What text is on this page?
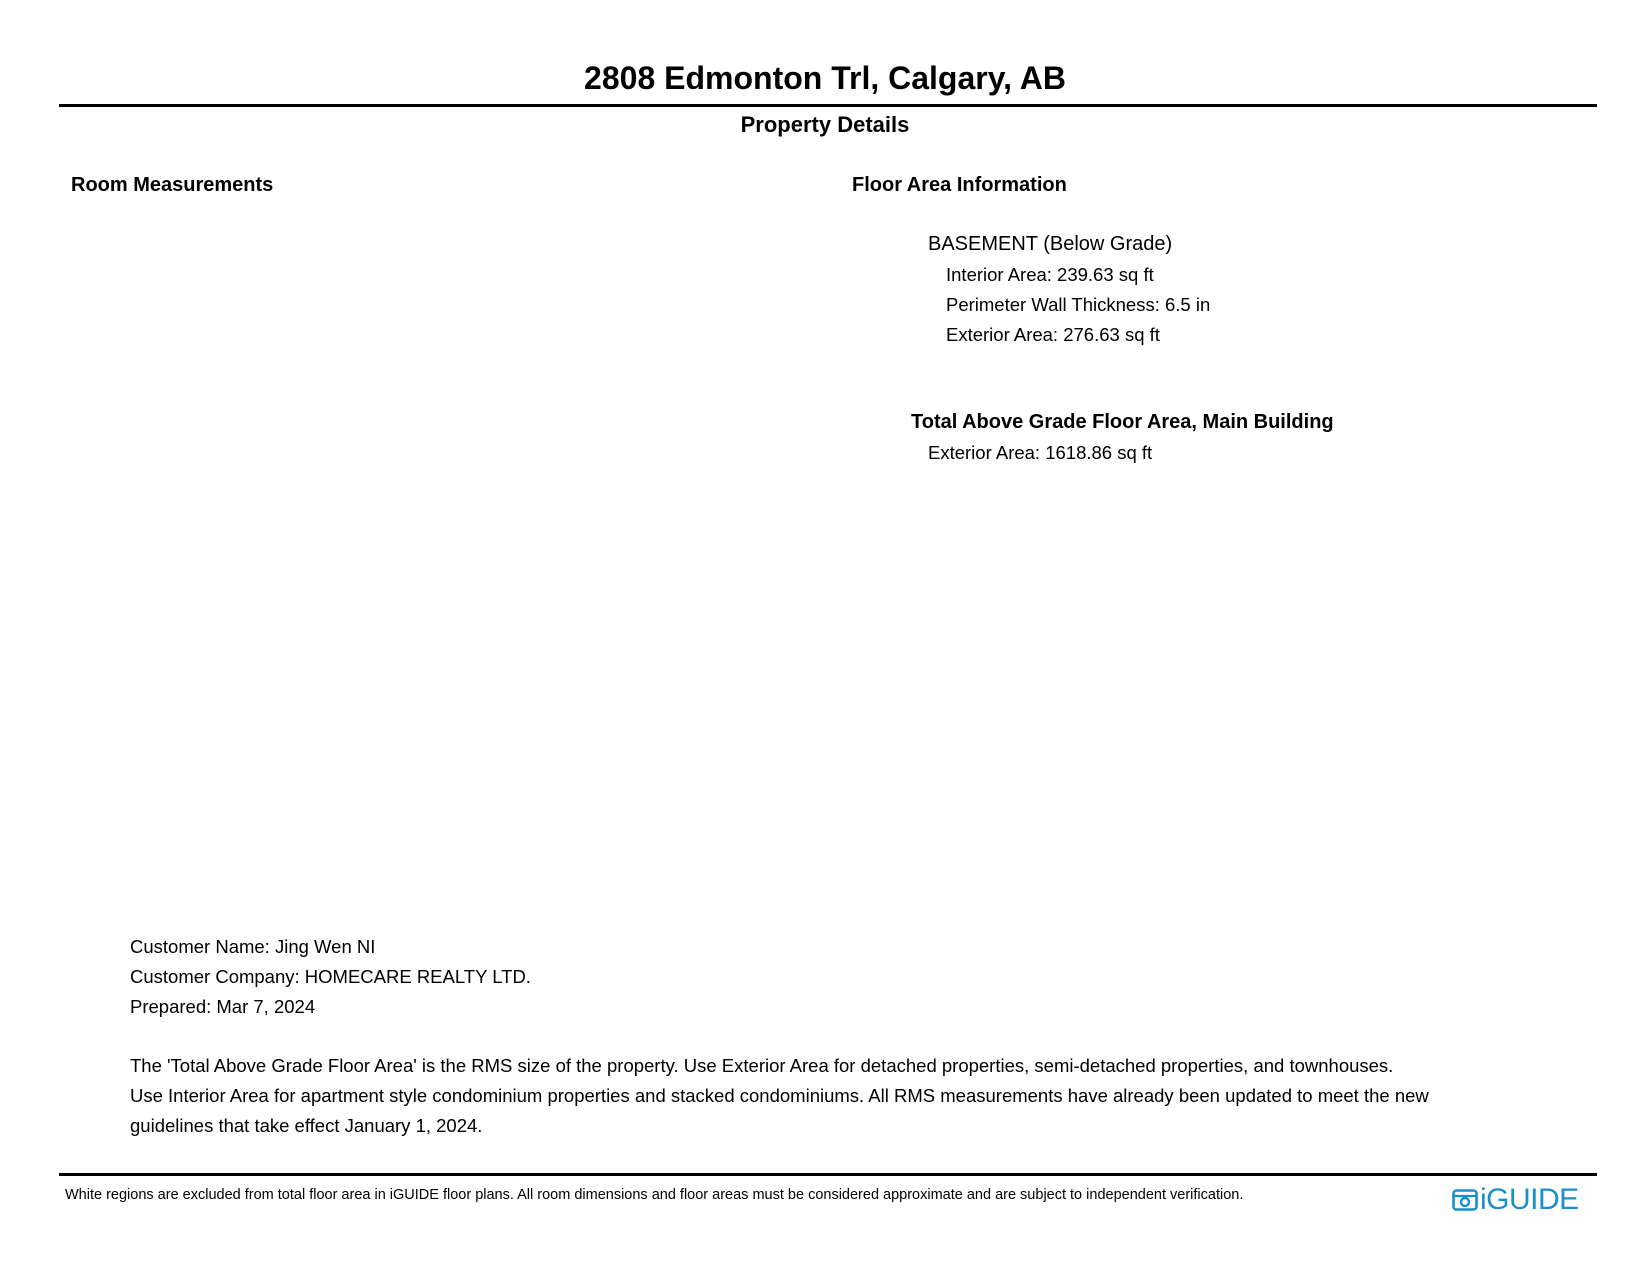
2808 Edmonton Trl, Calgary, AB
Property Details
Room Measurements	Floor Area Information
BASEMENT (Below Grade)
Interior Area: 239.63 sq ft
Perimeter Wall Thickness: 6.5 in
Exterior Area: 276.63 sq ft
Total Above Grade Floor Area, Main Building
Exterior Area: 1618.86 sq ft
Customer Name: Jing Wen NI
Customer Company: HOMECARE REALTY LTD.
Prepared: Mar 7, 2024
The 'Total Above Grade Floor Area' is the RMS size of the property. Use Exterior Area for detached properties, semi-detached properties, and townhouses.
Use Interior Area for apartment style condominium properties and stacked condominiums. All RMS measurements have already been updated to meet the new
guidelines that take effect January 1, 2024.
White regions are excluded from total floor area in iGUIDE floor plans. All room dimensions and floor areas must be considered approximate and are subject to independent verification.	iGUIDE
